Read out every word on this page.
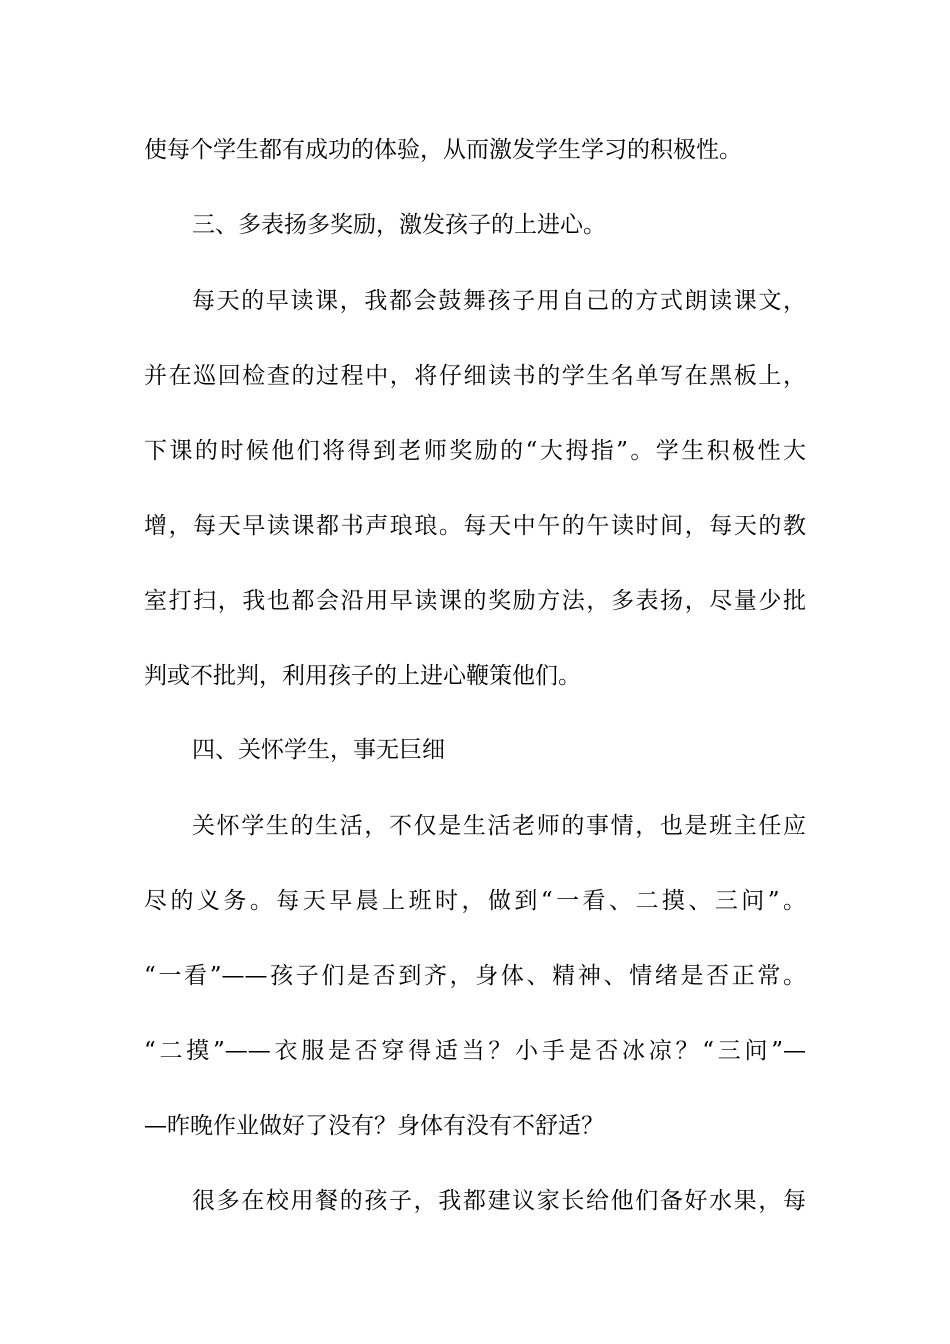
使每个学生都有成功的体验，从而激发学生学习的积极性。
三、多表扬多奖励，激发孩子的上进心。
每天的早读课，我都会鼓舞孩子用自己的方式朗读课文，
并在巡回检查的过程中，将仔细读书的学生名单写在黑板上，
下课的时候他们将得到老师奖励的“大拇指”。学生积极性大
增，每天早读课都书声琅琅。每天中午的午读时间，每天的教
室打扫，我也都会沿用早读课的奖励方法，多表扬，尽量少批
判或不批判，利用孩子的上进心鞭策他们。
四、关怀学生，事无巨细
关怀学生的生活，不仅是生活老师的事情，也是班主任应
尽的义务。每天早晨上班时，做到“一看、二摸、三问”。
“一看”——孩子们是否到齐，身体、精神、情绪是否正常。
“二摸”——衣服是否穿得适当？小手是否冰凉？“三问”—
—昨晚作业做好了没有？身体有没有不舒适？
很多在校用餐的孩子，我都建议家长给他们备好水果，每
